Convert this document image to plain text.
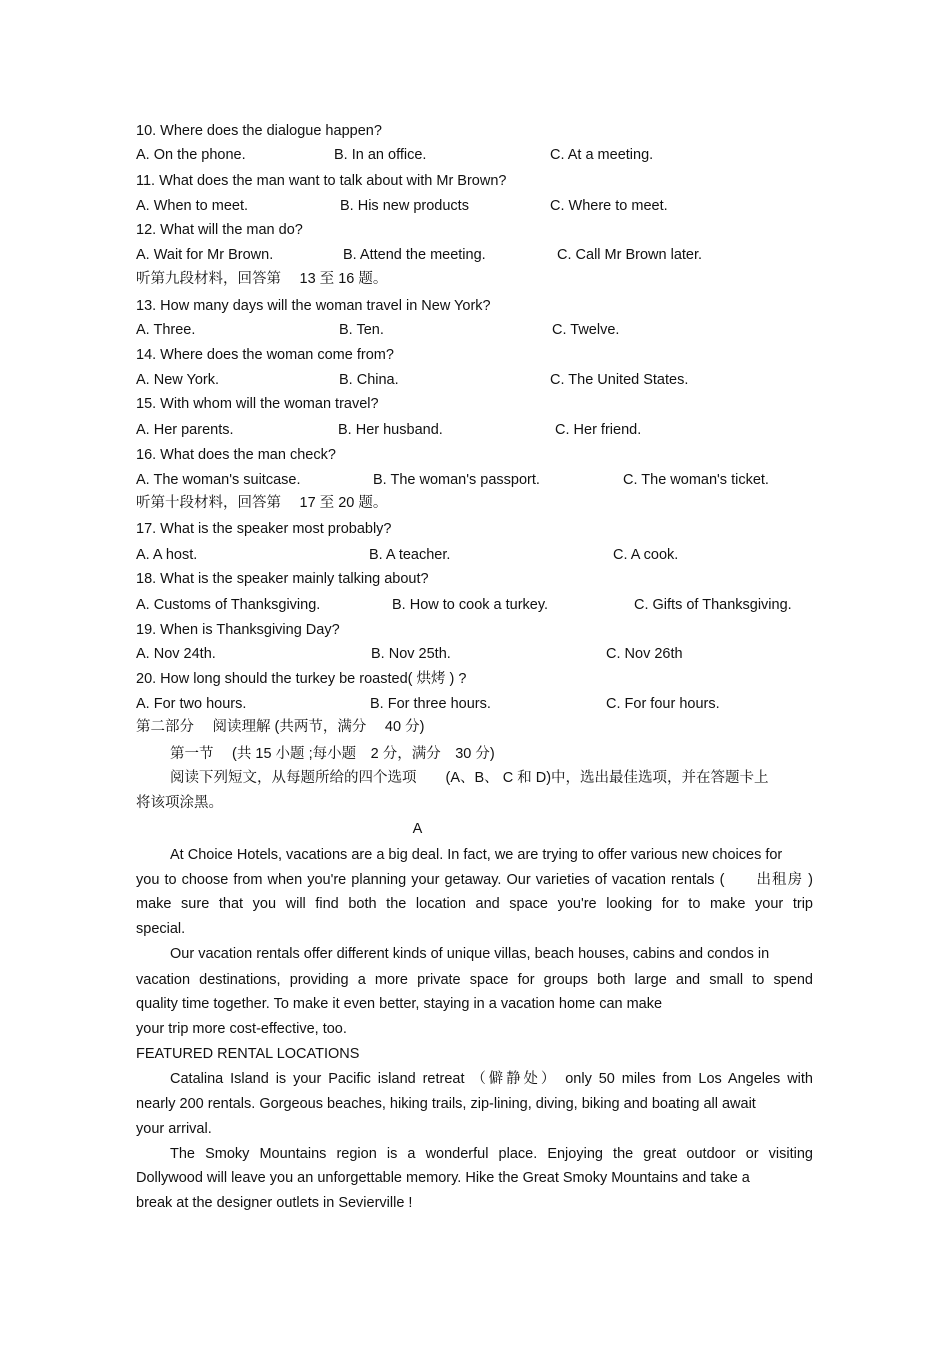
10. Where does the dialogue happen?
A. On the phone.	B. In an office.	C. At a meeting.
11. What does the man want to talk about with Mr Brown?
A. When to meet.	B. His new products	C. Where to meet.
12. What will the man do?
A. Wait for Mr Brown.	B. Attend the meeting.	C. Call Mr Brown later.
听第九段材料，回答第　 13 至 16 题。
13. How many days will the woman travel in New York?
A. Three.	B. Ten.	C. Twelve.
14. Where does the woman come from?
A. New York.	B. China.	C. The United States.
15. With whom will the woman travel?
A. Her parents.	B. Her husband.	C. Her friend.
16. What does the man check?
A. The woman's suitcase.	B. The woman's passport.	C. The woman's ticket.
听第十段材料，回答第　 17 至 20 题。
17. What is the speaker most probably?
A. A host.	B. A teacher.	C. A cook.
18. What is the speaker mainly talking about?
A. Customs of Thanksgiving.	B. How to cook a turkey.	C. Gifts of Thanksgiving.
19. When is Thanksgiving Day?
A. Nov 24th.	B. Nov 25th.	C. Nov 26th
20. How long should the turkey be roasted( 烘烤 ) ?
A. For two hours.	B. For three hours.	C. For four hours.
第二部分　 阅读理解 (共两节，满分　 40 分)
第一节　 (共 15 小题 ;每小题　2 分，满分　30 分)
阅读下列短文，从每题所给的四个选项　　(A、B、 C 和 D)中，选出最佳选项，并在答题卡上
将该项涂黑。
A
At Choice Hotels, vacations are a big deal. In fact, we are trying to offer various new choices for
you to choose from when you're planning your getaway. Our varieties of vacation rentals (　　出租房 )
make sure that you will find both the location and space you're looking for to make your trip
special.
Our vacation rentals offer different kinds of unique villas, beach houses, cabins and condos in
vacation destinations, providing a more private space for groups both large and small to spend
quality time together. To make it even better, staying in a vacation home can make
your trip more cost-effective, too.
FEATURED RENTAL LOCATIONS
Catalina Island is your Pacific island retreat （僻静处） only 50 miles from Los Angeles with
nearly 200 rentals. Gorgeous beaches, hiking trails, zip-lining, diving, biking and boating all await
your arrival.
The Smoky Mountains region is a wonderful place. Enjoying the great outdoor or visiting
Dollywood will leave you an unforgettable memory. Hike the Great Smoky Mountains and take a
break at the designer outlets in Sevierville !
